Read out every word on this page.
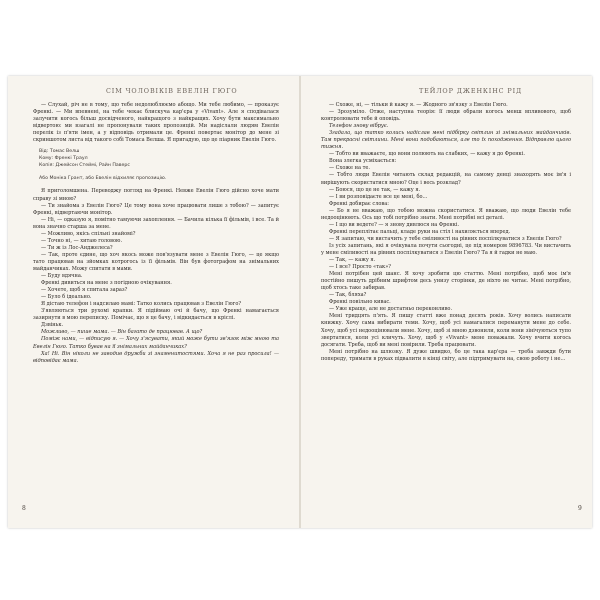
СІМ ЧОЛОВІКІВ ЕВЕЛІН ГЮГО

— Слухай, річ не в тому, що тебе недолюблюємо абощо. Ми тебе любимо, — проказує Френкі. — Ми впевнені, на тебе чекає блискуча кар'єра у «Vivant». Але я сподівалася залучити когось більш досвідченого, найкращого з найкращих. Хочу бути максимально відвертою: ми взагалі не пропонували таких пропозицій. Ми надіслали людям Евелін перелік із п'яти імен, а у відповідь отримали це. Френкі повертає монітор до мене зі скриншотом листа від такого собі Томаса Велша. Я пригадую, що це піарник Евелін Гюго.

Від: Томас Велш
Кому: Френкі Траул
Копія: Джейсон Стеймі, Райн Паверс
Або Моніка Грант, або Евелін відхиляє пропозицію.

Я приголомшена. Переводжу погляд на Френкі. Невже Евелін Гюго дійсно хоче мати справу зі мною?

— Ти знайома з Евелін Гюго? Це тому вона хоче працювати лише з тобою? — запитує Френкі, відвертаючи монітор.

— Ні, — одказую я, помітно тамуючи захоплення. — Бачила кілька її фільмів, і все. Та й вона значно старша за мене.

— Можливо, якісь спільні знайомі?

— Точно ні, — хитаю головою.

— Ти ж із Лос-Анджелеса?

— Так, проте єдине, що хоч якось може пов'язувати мене з Евелін Гюго, — це якщо тато працював на зйомках котрогось із її фільмів. Він був фотографом на знімальних майданчиках. Можу спитати в мами.

— Буду вдячна.

Френкі дивиться на мене з погідною очікування.

— Хочете, щоб я спитала зараз?

— Було б ідеально.

Я дістаю телефон і надсилаю мамі: Татко колись працював з Евелін Гюго?

З'являються три рухомі крапки. Я підіймаю очі й бачу, що Френкі намагається зазирнути в мою переписку. Помічає, що я це бачу, і відкидається в кріслі.

Дзвіньк.

Можливо, — пише мама. — Він багато де працював. А що?

Поміж нами, — відписую я. — Хочу з'ясувати, який може бути зв'язок між мною та Евелін Гюго. Татко бував на її знімальних майданчиках?

Ха! Ні. Він ніколи не заводив дружби зі знаменитостями. Хоча я не раз просила! — відповідає мама.

8
ТЕЙЛОР ДЖЕНКІНС РІД

— Схоже, ні, — тільки й кажу я. — Жодного зв'язку з Евелін Гюго.

— Зрозуміло. Отже, наступна теорія: її люди обрали когось менш впливового, щоб контролювати тебе й оповідь.

Телефон знову вібрує.

Згадала, що татко колись надіслав мені підбірку світлин зі знімальних майданчиків. Там прекрасні світлини. Мені вони подобаються, але то їх походження. Відправлю цього тижня.

— Тобто ви вважаєте, що вони полюють на слабких, — кажу я до Френкі.

Вона злегка усміхається:

— Схоже на те.

— Тобто люди Евелін читають склад редакцій, на самому денці знаходять моє ім'я і вирішують скористатися мною? Оце і весь розклад?

— Боюся, що це не так, — кажу я.

— І ви розповідаєте все це мені, бо...

Френкі добирає слова:

— Бо я не вважаю, що тобою можна скористатися. Я вважаю, що люди Евелін тебе недооцінюють. Ось що тобі потрібно знати. Мені потрібні всі деталі.

— І що ви ведете? — я знову дивлюся на Френкі.

Френкі переплітає пальці, кладе руки на стіл і нахиляється вперед.

— Я запитаю, чи вистачить у тебе сміливості на рівних поспілкуватися з Евелін Гюго?

Із усіх запитань, які я очікувала почути сьогодні, це під номером 9896783. Чи вистачить у мене сміливості на рівних поспілкуватися з Евелін Гюго? Та я й гадки не маю.

— Так, — кажу я.

— І все? Просто «так»?

Мені потрібен цей шанс. Я хочу зробити цю статтю. Мені потрібно, щоб моє ім'я постійно пишуть дрібним шрифтом десь унизу сторінки, де ніхто не читає. Мені потрібно, щоб хтось таке забирав.

— Так, бляха?

Френкі повільно кивас.

— Уже краще, але не достатньо переконливо.

Мені тридцять п'ять. Я пишу статті вже понад десять років. Хочу волись написати книжку. Хочу сама вибирати теми. Хочу, щоб усі намагалися переманути мене до себе. Хочу, щоб усі недооцінювали мене. Хочу, щоб зі мною дзвонили, коли вони зінічуються тупо звертатися, коли усі кличуть. Хочу, щоб у «Vivant» мене поважали. Хочу вчити когось досягати. Треба, щоб ви мені повірили. Треба працювати.

Мені потрібно на шлюзку. Я дуже швидко, бо це така кар'єра — треба завжди бути попереду, тримати в руках підвалити в кінці світу, але підтримувати на, свою роботу і не...

9
